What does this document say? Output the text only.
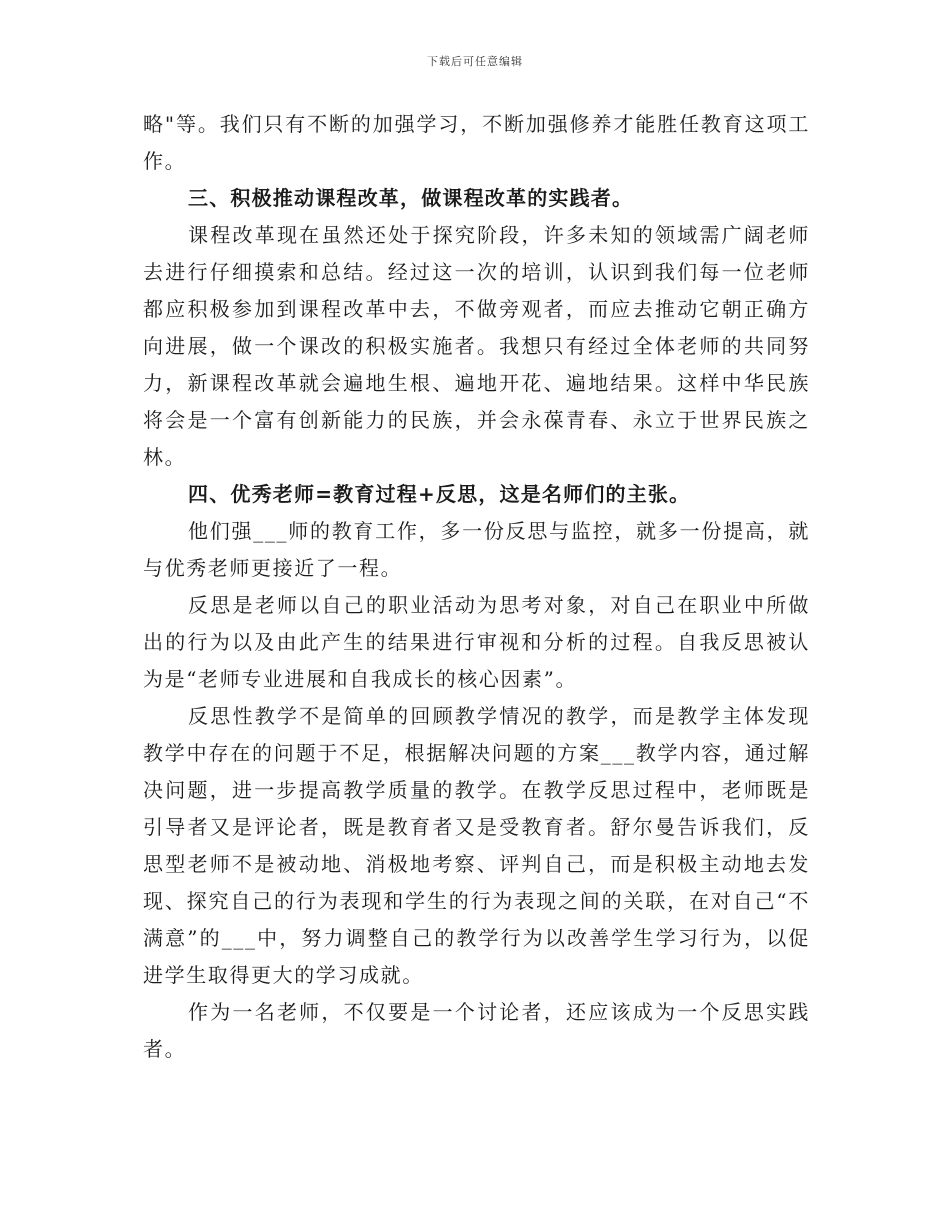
下载后可任意编辑

略"等。我们只有不断的加强学习，不断加强修养才能胜任教育这项工作。

三、积极推动课程改革，做课程改革的实践者。

课程改革现在虽然还处于探究阶段，许多未知的领域需广阔老师去进行仔细摸索和总结。经过这一次的培训，认识到我们每一位老师都应积极参加到课程改革中去，不做旁观者，而应去推动它朝正确方向进展，做一个课改的积极实施者。我想只有经过全体老师的共同努力，新课程改革就会遍地生根、遍地开花、遍地结果。这样中华民族将会是一个富有创新能力的民族，并会永葆青春、永立于世界民族之林。

四、优秀老师=教育过程+反思，这是名师们的主张。

他们强___师的教育工作，多一份反思与监控，就多一份提高，就与优秀老师更接近了一程。

反思是老师以自己的职业活动为思考对象，对自己在职业中所做出的行为以及由此产生的结果进行审视和分析的过程。自我反思被认为是“老师专业进展和自我成长的核心因素”。

反思性教学不是简单的回顾教学情况的教学，而是教学主体发现教学中存在的问题于不足，根据解决问题的方案___教学内容，通过解决问题，进一步提高教学质量的教学。在教学反思过程中，老师既是引导者又是评论者，既是教育者又是受教育者。舒尔曼告诉我们，反思型老师不是被动地、消极地考察、评判自己，而是积极主动地去发现、探究自己的行为表现和学生的行为表现之间的关联，在对自己“不满意”的___中，努力调整自己的教学行为以改善学生学习行为，以促进学生取得更大的学习成就。

作为一名老师，不仅要是一个讨论者，还应该成为一个反思实践者。
